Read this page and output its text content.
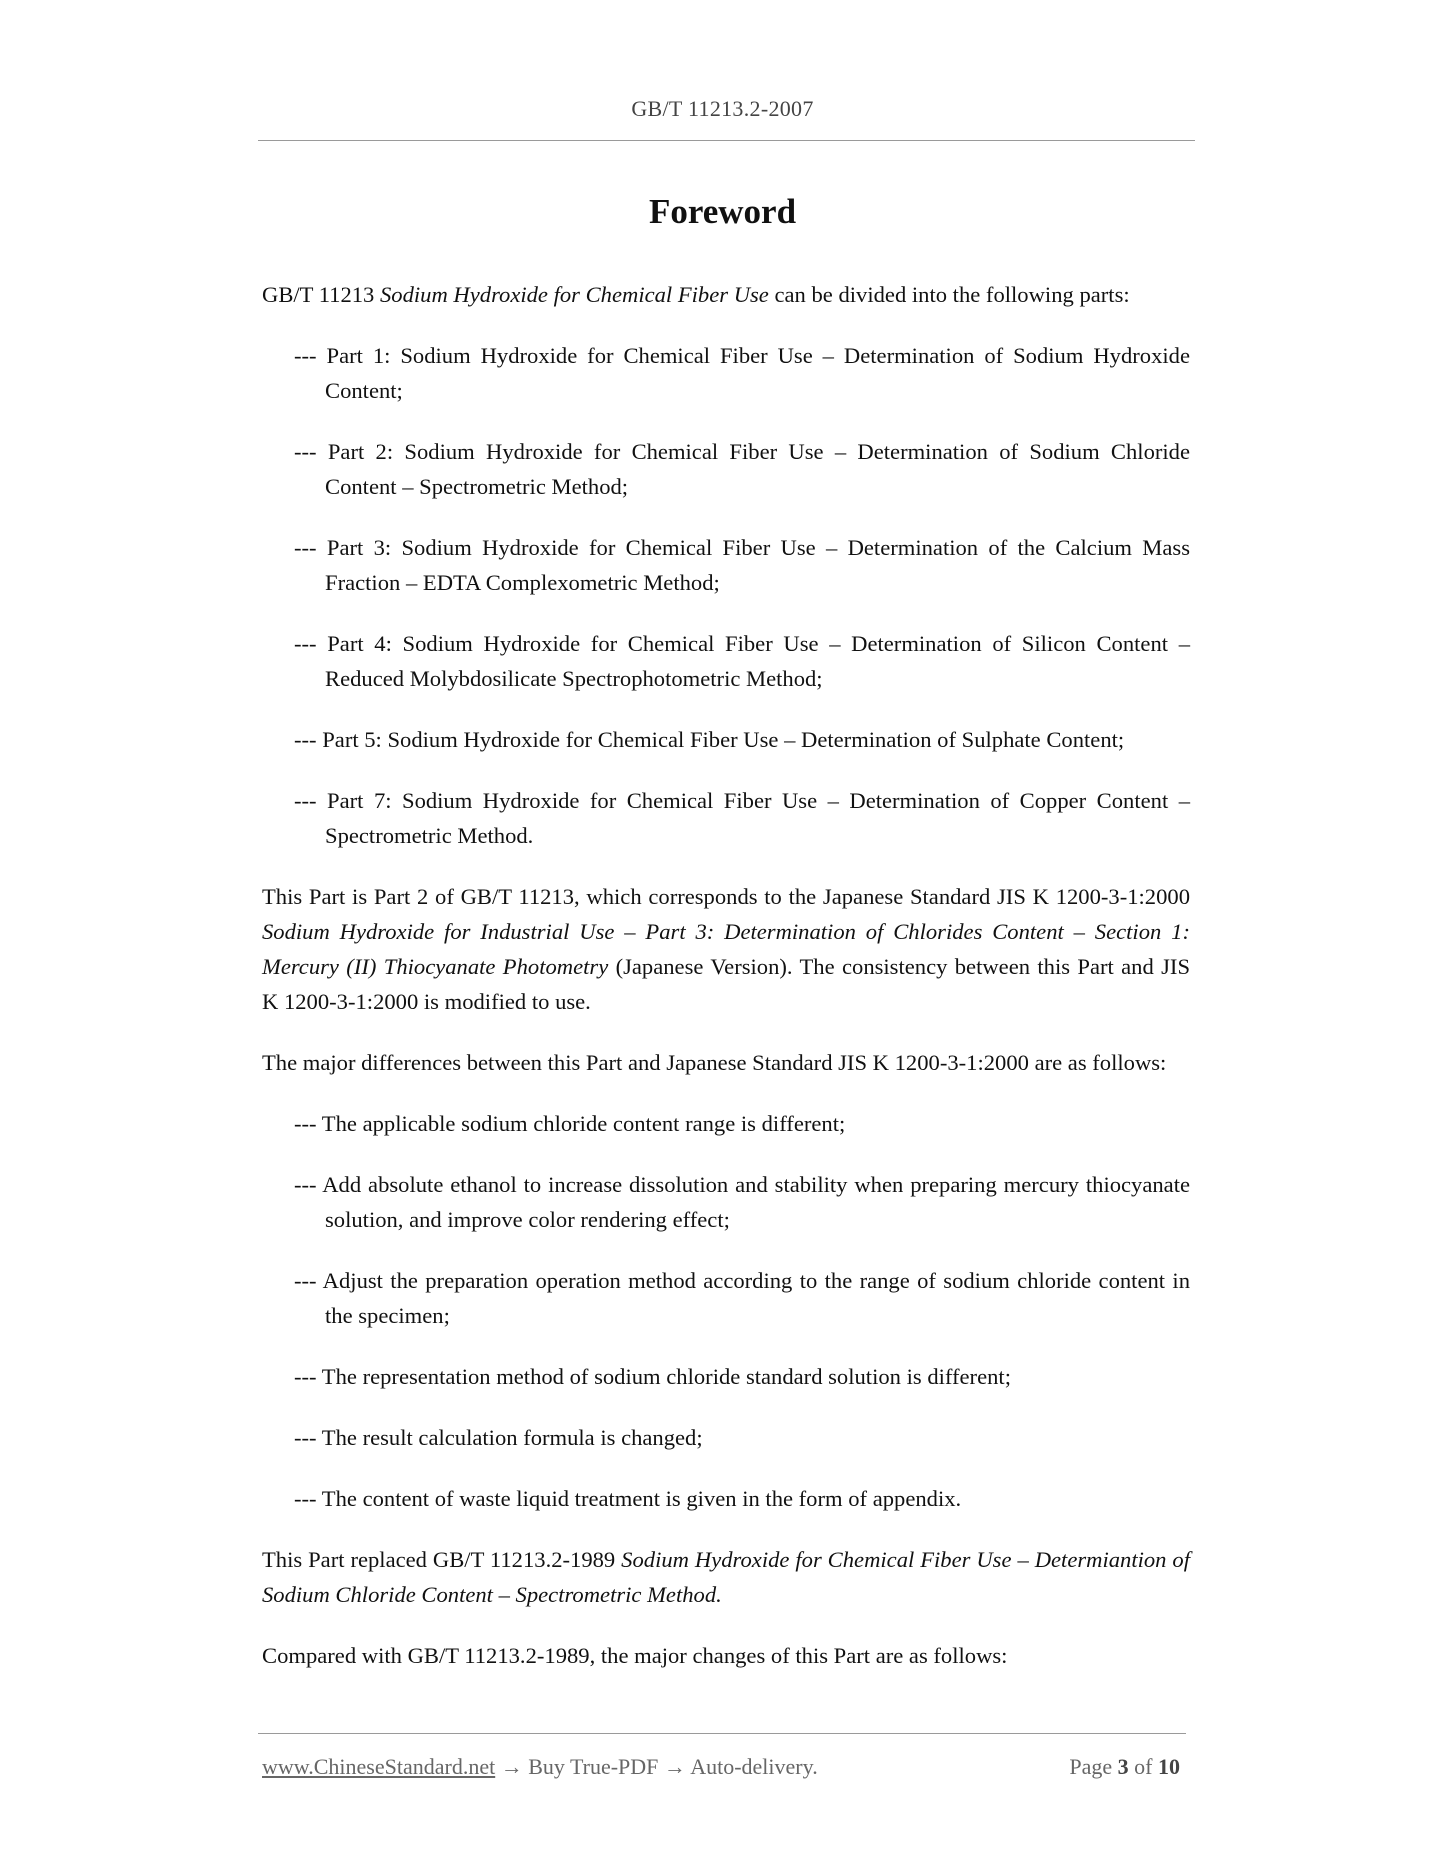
GB/T 11213.2-2007
Foreword

GB/T 11213 Sodium Hydroxide for Chemical Fiber Use can be divided into the following parts:

--- Part 1: Sodium Hydroxide for Chemical Fiber Use – Determination of Sodium Hydroxide Content;

--- Part 2: Sodium Hydroxide for Chemical Fiber Use – Determination of Sodium Chloride Content – Spectrometric Method;

--- Part 3: Sodium Hydroxide for Chemical Fiber Use – Determination of the Calcium Mass Fraction – EDTA Complexometric Method;

--- Part 4: Sodium Hydroxide for Chemical Fiber Use – Determination of Silicon Content – Reduced Molybdosilicate Spectrophotometric Method;

--- Part 5: Sodium Hydroxide for Chemical Fiber Use – Determination of Sulphate Content;

--- Part 7: Sodium Hydroxide for Chemical Fiber Use – Determination of Copper Content – Spectrometric Method.

This Part is Part 2 of GB/T 11213, which corresponds to the Japanese Standard JIS K 1200-3-1:2000 Sodium Hydroxide for Industrial Use – Part 3: Determination of Chlorides Content – Section 1: Mercury (II) Thiocyanate Photometry (Japanese Version). The consistency between this Part and JIS K 1200-3-1:2000 is modified to use.

The major differences between this Part and Japanese Standard JIS K 1200-3-1:2000 are as follows:

--- The applicable sodium chloride content range is different;

--- Add absolute ethanol to increase dissolution and stability when preparing mercury thiocyanate solution, and improve color rendering effect;

--- Adjust the preparation operation method according to the range of sodium chloride content in the specimen;

--- The representation method of sodium chloride standard solution is different;

--- The result calculation formula is changed;

--- The content of waste liquid treatment is given in the form of appendix.

This Part replaced GB/T 11213.2-1989 Sodium Hydroxide for Chemical Fiber Use – Determiantion of Sodium Chloride Content – Spectrometric Method.

Compared with GB/T 11213.2-1989, the major changes of this Part are as follows:

www.ChineseStandard.net → Buy True-PDF → Auto-delivery.	Page 3 of 10
